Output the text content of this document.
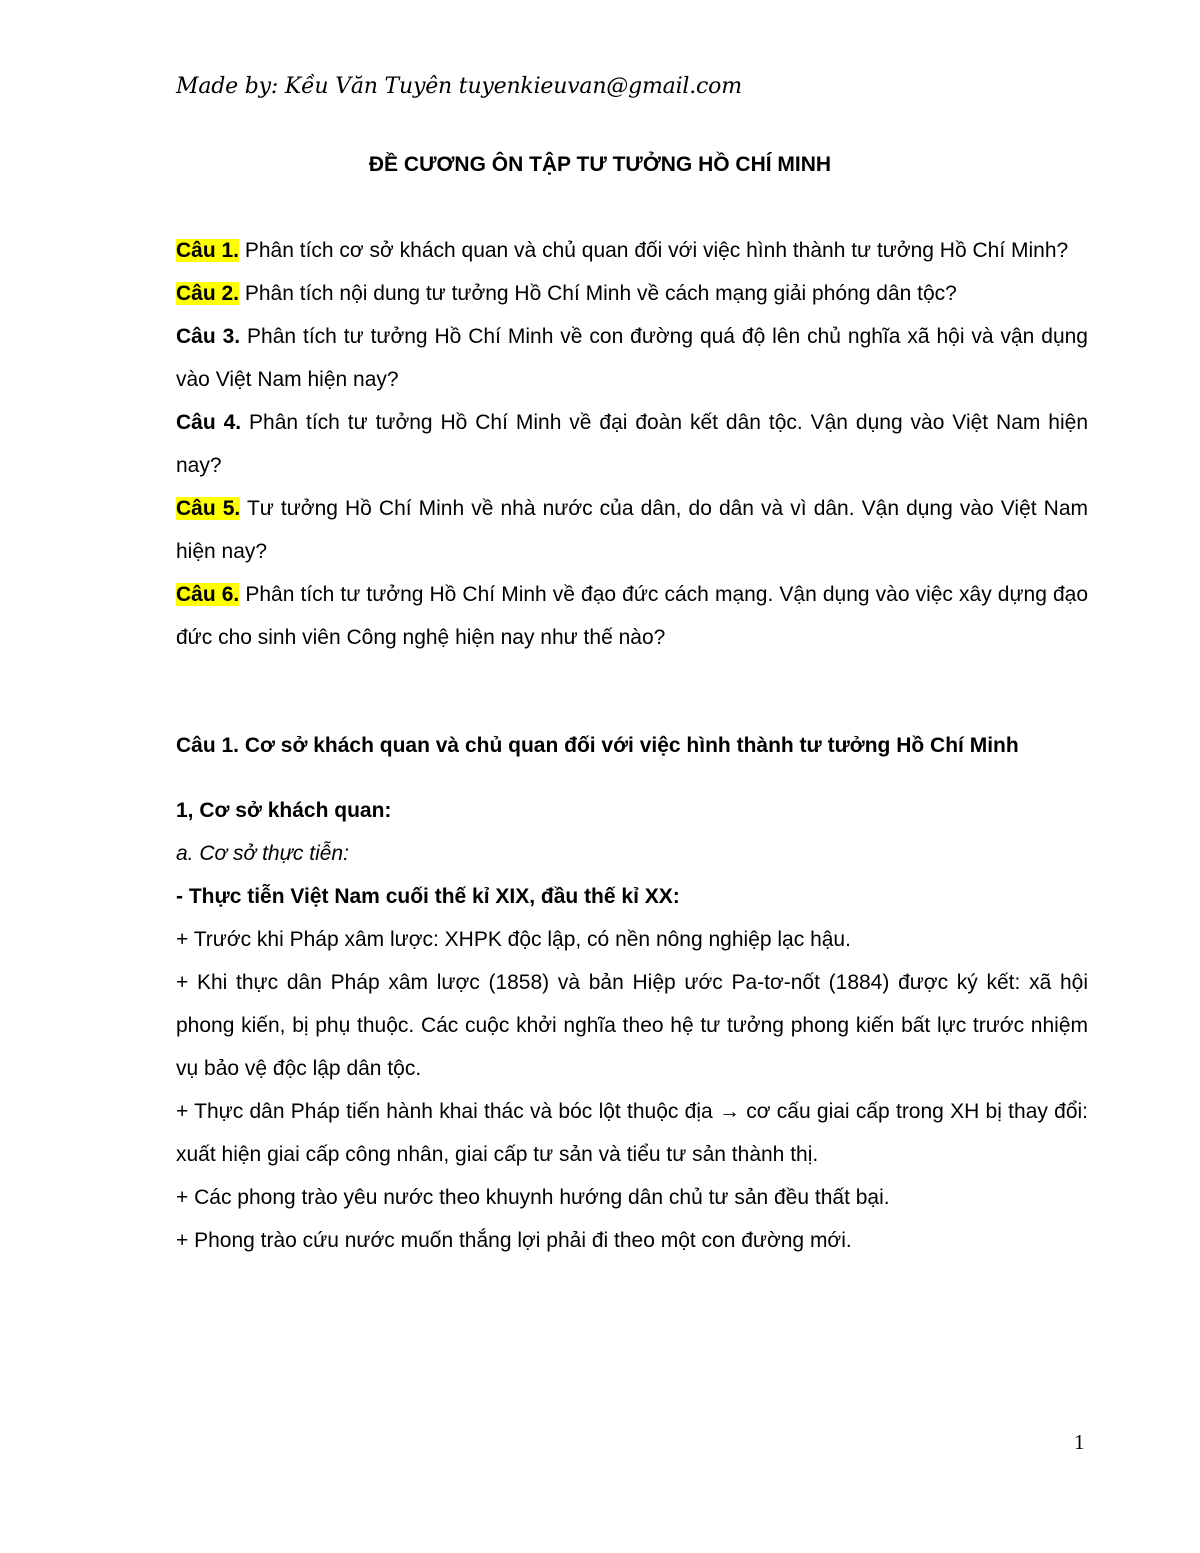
Made by: Kều Văn Tuyên tuyenkieuvan@gmail.com
ĐỀ CƯƠNG ÔN TẬP TƯ TƯỞNG HỒ CHÍ MINH

Câu 1. Phân tích cơ sở khách quan và chủ quan đối với việc hình thành tư tưởng Hồ Chí Minh?

Câu 2. Phân tích nội dung tư tưởng Hồ Chí Minh về cách mạng giải phóng dân tộc?

Câu 3. Phân tích tư tưởng Hồ Chí Minh về con đường quá độ lên chủ nghĩa xã hội và vận dụng vào Việt Nam hiện nay?

Câu 4. Phân tích tư tưởng Hồ Chí Minh về đại đoàn kết dân tộc. Vận dụng vào Việt Nam hiện nay?

Câu 5. Tư tưởng Hồ Chí Minh về nhà nước của dân, do dân và vì dân. Vận dụng vào Việt Nam hiện nay?

Câu 6. Phân tích tư tưởng Hồ Chí Minh về đạo đức cách mạng. Vận dụng vào việc xây dựng đạo đức cho sinh viên Công nghệ hiện nay như thế nào?

Câu 1. Cơ sở khách quan và chủ quan đối với việc hình thành tư tưởng Hồ Chí Minh

1, Cơ sở khách quan:

a. Cơ sở thực tiễn:

- Thực tiễn Việt Nam cuối thế kỉ XIX, đầu thế kỉ XX:

+ Trước khi Pháp xâm lược: XHPK độc lập, có nền nông nghiệp lạc hậu.

+ Khi thực dân Pháp xâm lược (1858) và bản Hiệp ước Pa-tơ-nốt (1884) được ký kết: xã hội phong kiến, bị phụ thuộc. Các cuộc khởi nghĩa theo hệ tư tưởng phong kiến bất lực trước nhiệm vụ bảo vệ độc lập dân tộc.

+ Thực dân Pháp tiến hành khai thác và bóc lột thuộc địa → cơ cấu giai cấp trong XH bị thay đổi: xuất hiện giai cấp công nhân, giai cấp tư sản và tiểu tư sản thành thị.

+ Các phong trào yêu nước theo khuynh hướng dân chủ tư sản đều thất bại.

+ Phong trào cứu nước muốn thắng lợi phải đi theo một con đường mới.

1
